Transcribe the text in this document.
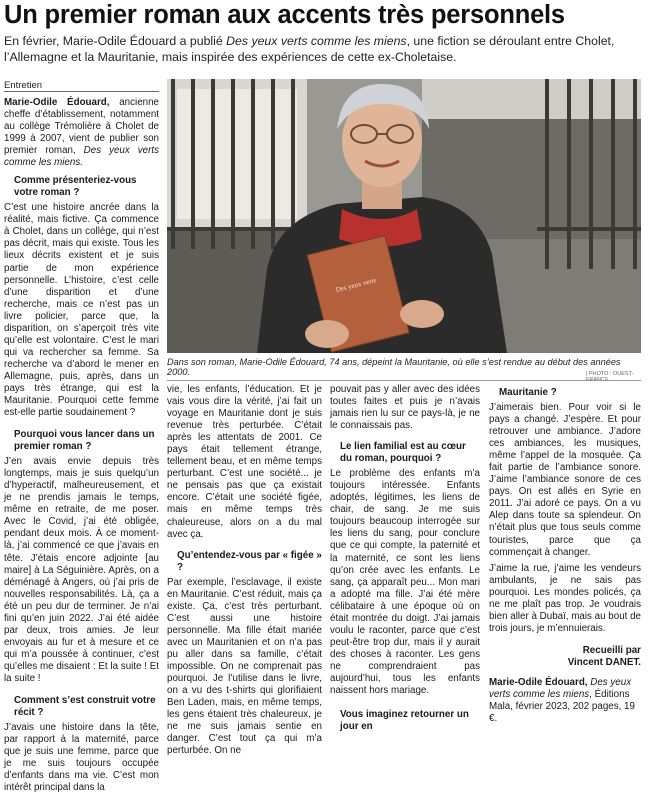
Un premier roman aux accents très personnels
En février, Marie-Odile Édouard a publié Des yeux verts comme les miens, une fiction se déroulant entre Cholet, l’Allemagne et la Mauritanie, mais inspirée des expériences de cette ex-Choletaise.
Entretien

Marie-Odile Édouard, ancienne cheffe d’établissement, notamment au collège Trémolière à Cholet de 1999 à 2007, vient de publier son premier roman, Des yeux verts comme les miens.

Comme présenteriez-vous votre roman ?

C’est une histoire ancrée dans la réalité, mais fictive. Ça commence à Cholet, dans un collège, qui n’est pas décrit, mais qui existe. Tous les lieux décrits existent et je suis partie de mon expérience personnelle. L’histoire, c’est celle d’une disparition et d’une recherche, mais ce n’est pas un livre policier, parce que, la disparition, on s’aperçoit très vite qu’elle est volontaire. C’est le mari qui va rechercher sa femme. Sa recherche va d’abord le mener en Allemagne, puis, après, dans un pays très étrange, qui est la Mauritanie. Pourquoi cette femme est-elle partie soudainement ?

Pourquoi vous lancer dans un premier roman ?

J’en avais envie depuis très longtemps, mais je suis quelqu’un d’hyperactif, malheureusement, et je ne prendis jamais le temps, même en retraite, de me poser. Avec le Covid, j’ai été obligée, pendant deux mois. À ce moment-là, j’ai commencé ce que j’avais en tête. J’étais encore adjointe [au maire] à La Séguinière. Après, on a déménagé à Angers, où j’ai pris de nouvelles responsabilités. Là, ça a été un peu dur de terminer. Je n’ai fini qu’en juin 2022. J’ai été aidée par deux, trois amies. Je leur envoyais au fur et à mesure et ce qui m’a poussée à continuer, c’est qu’elles me disaient : Et la suite ! Et la suite !

Comment s’est construit votre récit ?

J’avais une histoire dans la tête, par rapport à la maternité, parce que je suis une femme, parce que je me suis toujours occupée d’enfants dans ma vie. C’est mon intérêt principal dans la

Des yeux verts
Dans son roman, Marie-Odile Édouard, 74 ans, dépeint la Mauritanie, où elle s’est rendue au début des années 2000.	| PHOTO : OUEST-

vie, les enfants, l’éducation. Et je vais vous dire la vérité, j’ai fait un voyage en Mauritanie dont je suis revenue très perturbée. C’était après les attentats de 2001. Ce pays était tellement étrange, tellement beau, et en même temps perturbant. C’est une société... je ne pensais pas que ça existait encore. C’était une société figée, mais en même temps très chaleureuse, alors on a du mal avec ça.

Qu’entendez-vous par « figée » ?

Par exemple, l’esclavage, il existe en Mauritanie. C’est réduit, mais ça existe. Ça, c’est très perturbant. C’est aussi une histoire personnelle. Ma fille était mariée avec un Mauritanien et on n’a pas pu aller dans sa famille, c’était impossible. On ne comprenait pas pourquoi. Je l’utilise dans le livre, on a vu des t-shirts qui glorifiaient Ben Laden, mais, en même temps, les gens étaient très chaleureux, je ne me suis jamais sentie en danger. C’est tout ça qui m’a perturbée. On ne

pouvait pas y aller avec des idées toutes faites et puis je n’avais jamais rien lu sur ce pays-là, je ne le connaissais pas.

Le lien familial est au cœur du roman, pourquoi ?

Le problème des enfants m’a toujours intéressée. Enfants adoptés, légitimes, les liens de chair, de sang. Je me suis toujours beaucoup interrogée sur les liens du sang, pour conclure que ce qui compte, la paternité et la maternité, ce sont les liens qu’on crée avec les enfants. Le sang, ça apparaît peu... Mon mari a adopté ma fille. J’ai été mère célibataire à une époque où on était montrée du doigt. J’ai jamais voulu le raconter, parce que c’est peut-être trop dur, mais il y aurait des choses à raconter. Les gens ne comprendraient pas aujourd’hui, tous les enfants naissent hors mariage.

Vous imaginez retourner un jour en

Mauritanie ?

J’aimerais bien. Pour voir si le pays a changé. J’espère. Et pour retrouver une ambiance. J’adore ces ambiances, les musiques, même l’appel de la mosquée. Ça fait partie de l’ambiance sonore. J’aime l’ambiance sonore de ces pays. On est allés en Syrie en 2011. J’ai adoré ce pays. On a vu Alep dans toute sa splendeur. On n’était plus que tous seuls comme touristes, parce que ça commençait à changer.

J’aime la rue, j’aime les vendeurs ambulants, je ne sais pas pourquoi. Les mondes policés, ça ne me plaît pas trop. Je voudrais bien aller à Dubaï, mais au bout de trois jours, je m’ennuierais.

Recueilli par

Vincent DANET.

Marie-Odile Édouard, Des yeux verts comme les miens, Éditions Mala, février 2023, 202 pages, 19 €.
